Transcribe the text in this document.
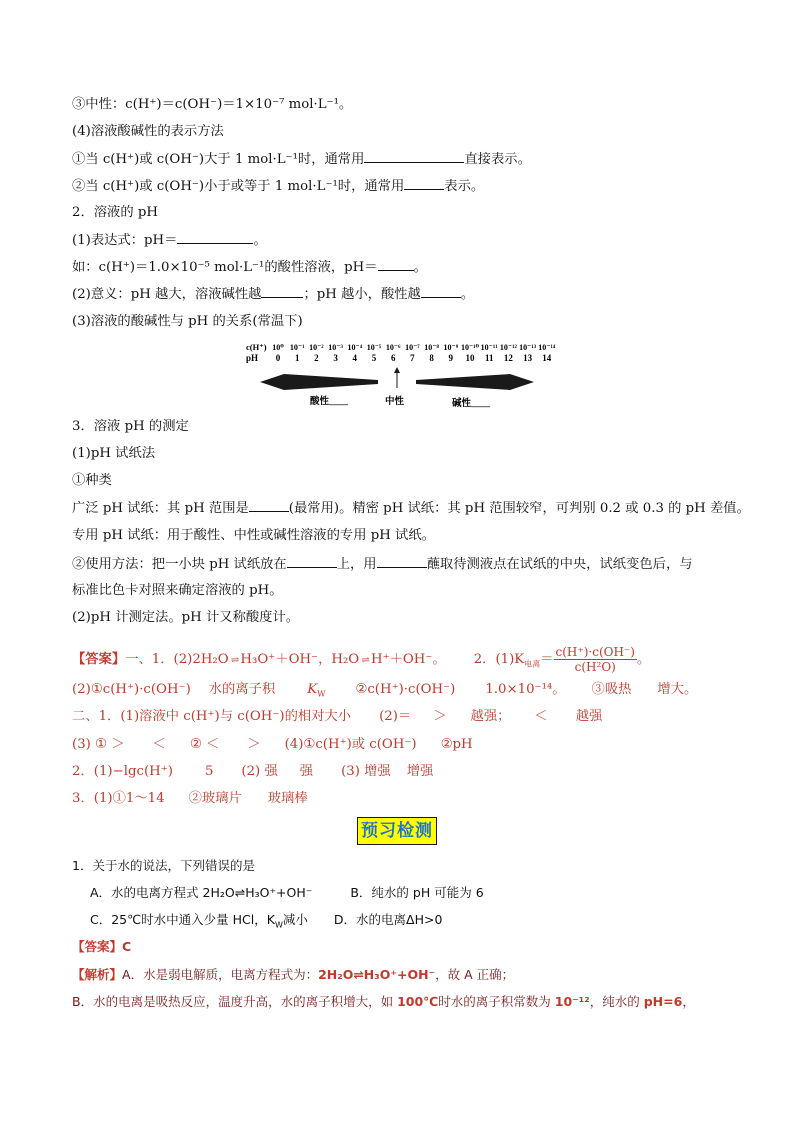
③中性：c(H⁺)＝c(OH⁻)＝1×10⁻⁷ mol·L⁻¹。
(4)溶液酸碱性的表示方法
①当 c(H⁺)或 c(OH⁻)大于 1 mol·L⁻¹时，通常用	直接表示。
②当 c(H⁺)或 c(OH⁻)小于或等于 1 mol·L⁻¹时，通常用	表示。
2．溶液的 pH
(1)表达式：pH＝	。
如：c(H⁺)＝1.0×10⁻⁵ mol·L⁻¹的酸性溶液，pH＝	。
(2)意义：pH 越大，溶液碱性越	；pH 越小，酸性越	。
(3)溶液的酸碱性与 pH 的关系(常温下)
c(H⁺)
pH
10⁰ 10⁻¹ 10⁻² 10⁻³ 10⁻⁴ 10⁻⁵ 10⁻⁶ 10⁻⁷ 10⁻⁸ 10⁻⁹ 10⁻¹⁰ 10⁻¹¹ 10⁻¹² 10⁻¹³ 10⁻¹⁴
0 1 2 3 4 5 6 7 8 9 10 11 12 13 14
酸性____	中性	碱性____
3．溶液 pH 的测定
(1)pH 试纸法
①种类
广泛 pH 试纸：其 pH 范围是	(最常用)。精密 pH 试纸：其 pH 范围较窄，可判别 0.2 或 0.3 的 pH 差值。
专用 pH 试纸：用于酸性、中性或碱性溶液的专用 pH 试纸。
②使用方法：把一小块 pH 试纸放在	上，用	蘸取待测液点在试纸的中央，试纸变色后，与
标准比色卡对照来确定溶液的 pH。
(2)pH 计测定法。pH 计又称酸度计。
【答案】一、1．(2)2H₂O ⇌ H₃O⁺＋OH⁻，H₂O ⇌ H⁺＋OH⁻。 2．$(1)K_{电离}= \frac{c(H^+)\cdot c(OH^-)}{\text{c(H²O)}}$ 。
(2)①c(H⁺)·c(OH⁻) 水的离子积 $K_W$ ②c(H⁺)·c(OH⁻) 1.0×10⁻¹⁴。 ③吸热 增大。
二、1．(1)溶液中 c(H⁺)与 c(OH⁻)的相对大小 (2)＝ ＞ 越强； ＜ 越强
(3) ① ＞ ＜ ② ＜ ＞ (4)①c(H⁺)或 c(OH⁻) ②pH
2．(1)−lgc(H⁺) 5 (2) 强 强 (3) 增强 增强
3．(1)①1～14 ②玻璃片 玻璃棒
预习检测
1．关于水的说法，下列错误的是
A．水的电离方程式 2H₂O⇌H₃O⁺+OH⁻	B．纯水的 pH 可能为 6
C．25℃时水中通入少量 HCl，$K_W$减小 D．水的电离ΔH>0
【答案】C
【解析】A．水是弱电解质，电离方程式为：2H₂O⇌H₃O⁺+OH⁻，故 A 正确；
B．水的电离是吸热反应，温度升高，水的离子积增大，如 100℃时水的离子积常数为 10⁻¹²，纯水的 pH=6，
